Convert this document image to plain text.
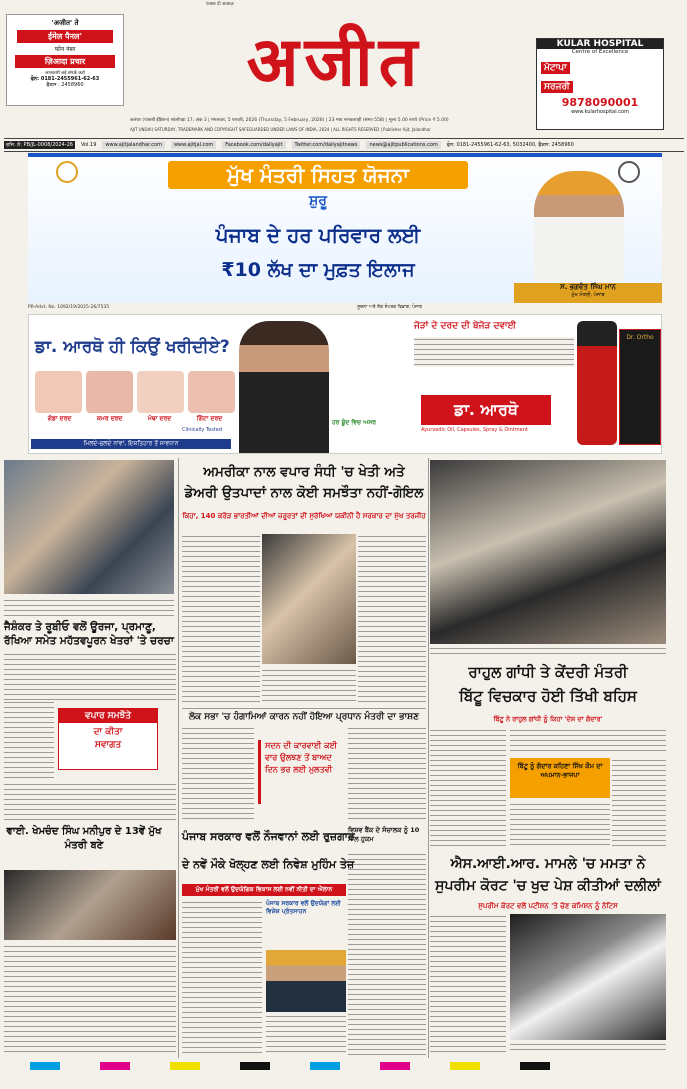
पंजाब दी आवाज़
'अजीत' ते
ईमेल पैनल'
फोन नंबर
ज़िआदा प्रचार
जानकारी लई संपर्क करो
ਫੋਨ: 0181-2455961-62-63
ਫੈਕਸ : 2458960	अजीत	KULAR HOSPITAL
Centre of Excellence
ਮੋਟਾਪਾ
ਸਰਜਰੀ
9878090001
www.kularhospital.com
जलंधर (पंजाबी ईडिशन) सांलोपड़ा 17, अंक 3 | मंगलवार, 5 फरवरी, 2026 (Thursday, 5 February, 2026) | 23 माघ नानकशाही (संमत 558) | मूल्य 5.00 रुपये (Price ₹ 5.00)
AJIT (INDIA) SATURDAY, TRADEMARK AND COPYRIGHT SAFEGUARDED UNDER LAWS OF INDIA, 2024 | ALL RIGHTS RESERVED | Publisher Ajit, Jalandhar
ਰਜਿ. ਨੰ: PB/JL-0008/2024-26	Vol.19	www.ajitjalandhar.com	www.ajitjal.com	Facebook.com/dailyajit	Twitter.com/dailyajitnews	news@ajitpublications.com	ਫੋਨ: 0181-2455961-62-63, 5032400, ਫੈਕਸ: 2458960
ਮੁੱਖ ਮੰਤਰੀ ਸਿਹਤ ਯੋਜਨਾ
ਸ਼ੁਰੂ
ਪੰਜਾਬ ਦੇ ਹਰ ਪਰਿਵਾਰ ਲਈ
₹10 ਲੱਖ ਦਾ ਮੁਫ਼ਤ ਇਲਾਜ
ਸ. ਭਗਵੰਤ ਸਿੰਘ ਮਾਨ
ਮੁੱਖ ਮੰਤਰੀ, ਪੰਜਾਬ
PR-Advt. No. 1092/19/2025-26/7535	ਸੂਚਨਾ ਅਤੇ ਲੋਕ ਸੰਪਰਕ ਵਿਭਾਗ, ਪੰਜਾਬ
ਡਾ. ਆਰਥੋ ਹੀ ਕਿਉਂ ਖਰੀਦੀਏ?
ਗੋਡਾ ਦਰਦ	ਕਮਰ ਦਰਦ	ਮੋਢਾ ਦਰਦ	ਗਿੱਟਾ ਦਰਦ
Clinically Tested
ਮਿਲਦੇ-ਜੁਲਦੇ ਨਾਂਵਾਂ, ਇਸ਼ਤਿਹਾਰ ਤੋਂ ਸਾਵਧਾਨ
ਹਰ ਬੂੰਦ ਵਿਚ ਅਸਰ
ਜੋੜਾਂ ਦੇ ਦਰਦ ਦੀ ਬੇਜੋੜ ਦਵਾਈ
ਡਾ. ਆਰਥੋ
Ayurvedic Oil, Capsules, Spray & Ointment
Dr. Ortho
ਜੈਸ਼ੰਕਰ ਤੇ ਰੂਬੀਓ ਵਲੋਂ ਊਰਜਾ, ਪ੍ਰਮਾਣੂ, ਰੱਖਿਆ ਸਮੇਤ ਮਹੱਤਵਪੂਰਨ ਖੇਤਰਾਂ 'ਤੇ ਚਰਚਾ
ਵਪਾਰ ਸਮਝੌਤੇ
ਦਾ ਕੀਤਾ
ਸਵਾਗਤ
ਵਾਈ. ਖੇਮਚੰਦ ਸਿੰਘ ਮਨੀਪੁਰ ਦੇ 13ਵੇਂ ਮੁੱਖ ਮੰਤਰੀ ਬਣੇ
ਅਮਰੀਕਾ ਨਾਲ ਵਪਾਰ ਸੰਧੀ 'ਚ ਖੇਤੀ ਅਤੇ
ਡੇਅਰੀ ਉਤਪਾਦਾਂ ਨਾਲ ਕੋਈ ਸਮਝੌਤਾ ਨਹੀਂ-ਗੋਇਲ
ਕਿਹਾ, 140 ਕਰੋੜ ਭਾਰਤੀਆਂ ਦੀਆਂ ਜ਼ਰੂਰਤਾਂ ਦੀ ਸੁਰੱਖਿਆ ਯਕੀਨੀ ਹੈ ਸਰਕਾਰ ਦਾ ਮੁੱਖ ਤਰਜੀਹ
ਰਾਹੁਲ ਗਾਂਧੀ ਤੇ ਕੇਂਦਰੀ ਮੰਤਰੀ
ਬਿੱਟੂ ਵਿਚਕਾਰ ਹੋਈ ਤਿੱਖੀ ਬਹਿਸ
ਬਿੱਟੂ ਨੇ ਰਾਹੁਲ ਗਾਂਧੀ ਨੂੰ ਕਿਹਾ 'ਦੇਸ਼ ਦਾ ਗੱਦਾਰ'
ਬਿੱਟੂ ਨੂੰ ਗੱਦਾਰ ਕਹਿਣਾ ਸਿੱਖ ਕੌਮ ਦਾ ਅਪਮਾਨ-ਭਾਜਪਾ
ਲੋਕ ਸਭਾ 'ਚ ਹੰਗਾਮਿਆਂ ਕਾਰਨ ਨਹੀਂ ਹੋਇਆ ਪ੍ਰਧਾਨ ਮੰਤਰੀ ਦਾ ਭਾਸ਼ਣ
ਸਦਨ ਦੀ ਕਾਰਵਾਈ ਕਈ ਵਾਰ ਉਲਝਣ ਤੋਂ ਬਾਅਦ ਦਿਨ ਭਰ ਲਈ ਮੁਲਤਵੀ
ਵਿਸ਼ਵ ਬੈਂਕ ਦੇ ਸੰਚਾਲਕ ਨੂੰ 10 ਸਾਲ ਹੁਕਮ
ਪੰਜਾਬ ਸਰਕਾਰ ਵਲੋਂ ਨੌਜਵਾਨਾਂ ਲਈ ਰੁਜ਼ਗਾਰ
ਦੇ ਨਵੇਂ ਮੌਕੇ ਖੋਲ੍ਹਣ ਲਈ ਨਿਵੇਸ਼ ਮੁਹਿੰਮ ਤੇਜ਼
ਮੁੱਖ ਮੰਤਰੀ ਵਲੋਂ ਉਦਯੋਗਿਕ ਵਿਕਾਸ ਲਈ ਨਵੀਂ ਨੀਤੀ ਦਾ ਐਲਾਨ
ਪੰਜਾਬ ਸਰਕਾਰ ਵਲੋਂ ਉਦਯੋਗਾਂ ਲਈ ਵਿਸ਼ੇਸ਼ ਪ੍ਰੋਤਸਾਹਨ
ਐਸ.ਆਈ.ਆਰ. ਮਾਮਲੇ 'ਚ ਮਮਤਾ ਨੇ
ਸੁਪਰੀਮ ਕੋਰਟ 'ਚ ਖੁਦ ਪੇਸ਼ ਕੀਤੀਆਂ ਦਲੀਲਾਂ
ਸੁਪਰੀਮ ਕੋਰਟ ਵਲੋਂ ਪਟੀਸ਼ਨ 'ਤੇ ਚੋਣ ਕਮਿਸ਼ਨ ਨੂੰ ਨੋਟਿਸ
